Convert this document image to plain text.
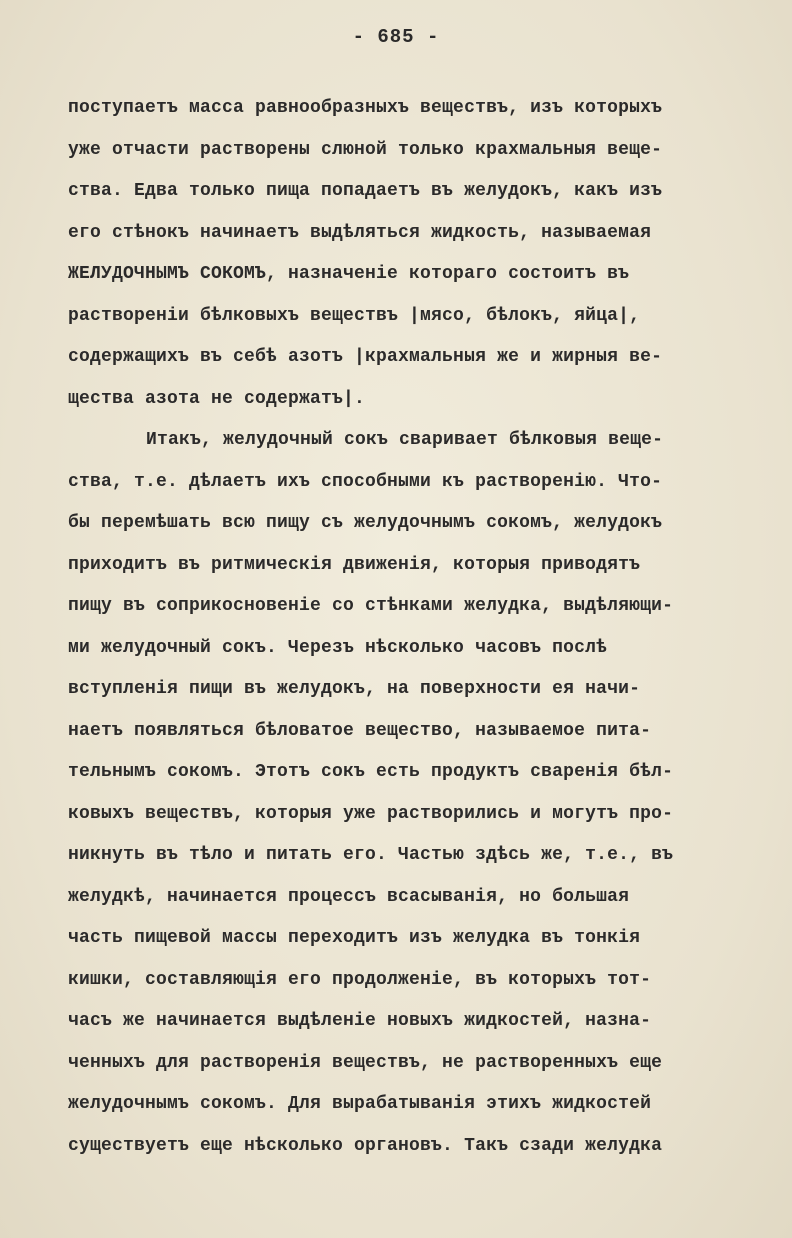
- 685 -
поступаетъ масса равнообразныхъ веществъ, изъ которыхъ
уже отчасти растворены слюной только крахмальныя веще-
ства. Едва только пища попадаетъ въ желудокъ, какъ изъ
его стѣнокъ начинаетъ выдѣляться жидкость, называемая
ЖЕЛУДОЧНЫМЪ СОКОМЪ, назначенiе котораго состоитъ въ
растворенiи бѣлковыхъ веществъ |мясо, бѣлокъ, яйца|,
содержащихъ въ себѣ азотъ |крахмальныя же и жирныя ве-
щества азота не содержатъ|.
Итакъ, желудочный сокъ сваривает бѣлковыя веще-
ства, т.е. дѣлаетъ ихъ способными къ растворенiю. Что-
бы перемѣшать всю пищу съ желудочнымъ сокомъ, желудокъ
приходитъ въ ритмическiя движенiя, которыя приводятъ
пищу въ соприкосновенiе со стѣнками желудка, выдѣляющи-
ми желудочный сокъ. Черезъ нѣсколько часовъ послѣ
вступленiя пищи въ желудокъ, на поверхности ея начи-
наетъ появляться бѣловатое вещество, называемое пита-
тельнымъ сокомъ. Этотъ сокъ есть продуктъ сваренiя бѣл-
ковыхъ веществъ, которыя уже растворились и могутъ про-
никнуть въ тѣло и питать его. Частью здѣсь же, т.е., въ
желудкѣ, начинается процессъ всасыванiя, но большая
часть пищевой массы переходитъ изъ желудка въ тонкiя
кишки, составляющiя его продолженiе, въ которыхъ тот-
часъ же начинается выдѣленiе новыхъ жидкостей, назна-
ченныхъ для растворенiя веществъ, не растворенныхъ еще
желудочнымъ сокомъ. Для вырабатыванiя этихъ жидкостей
существуетъ еще нѣсколько органовъ. Такъ сзади желудка
